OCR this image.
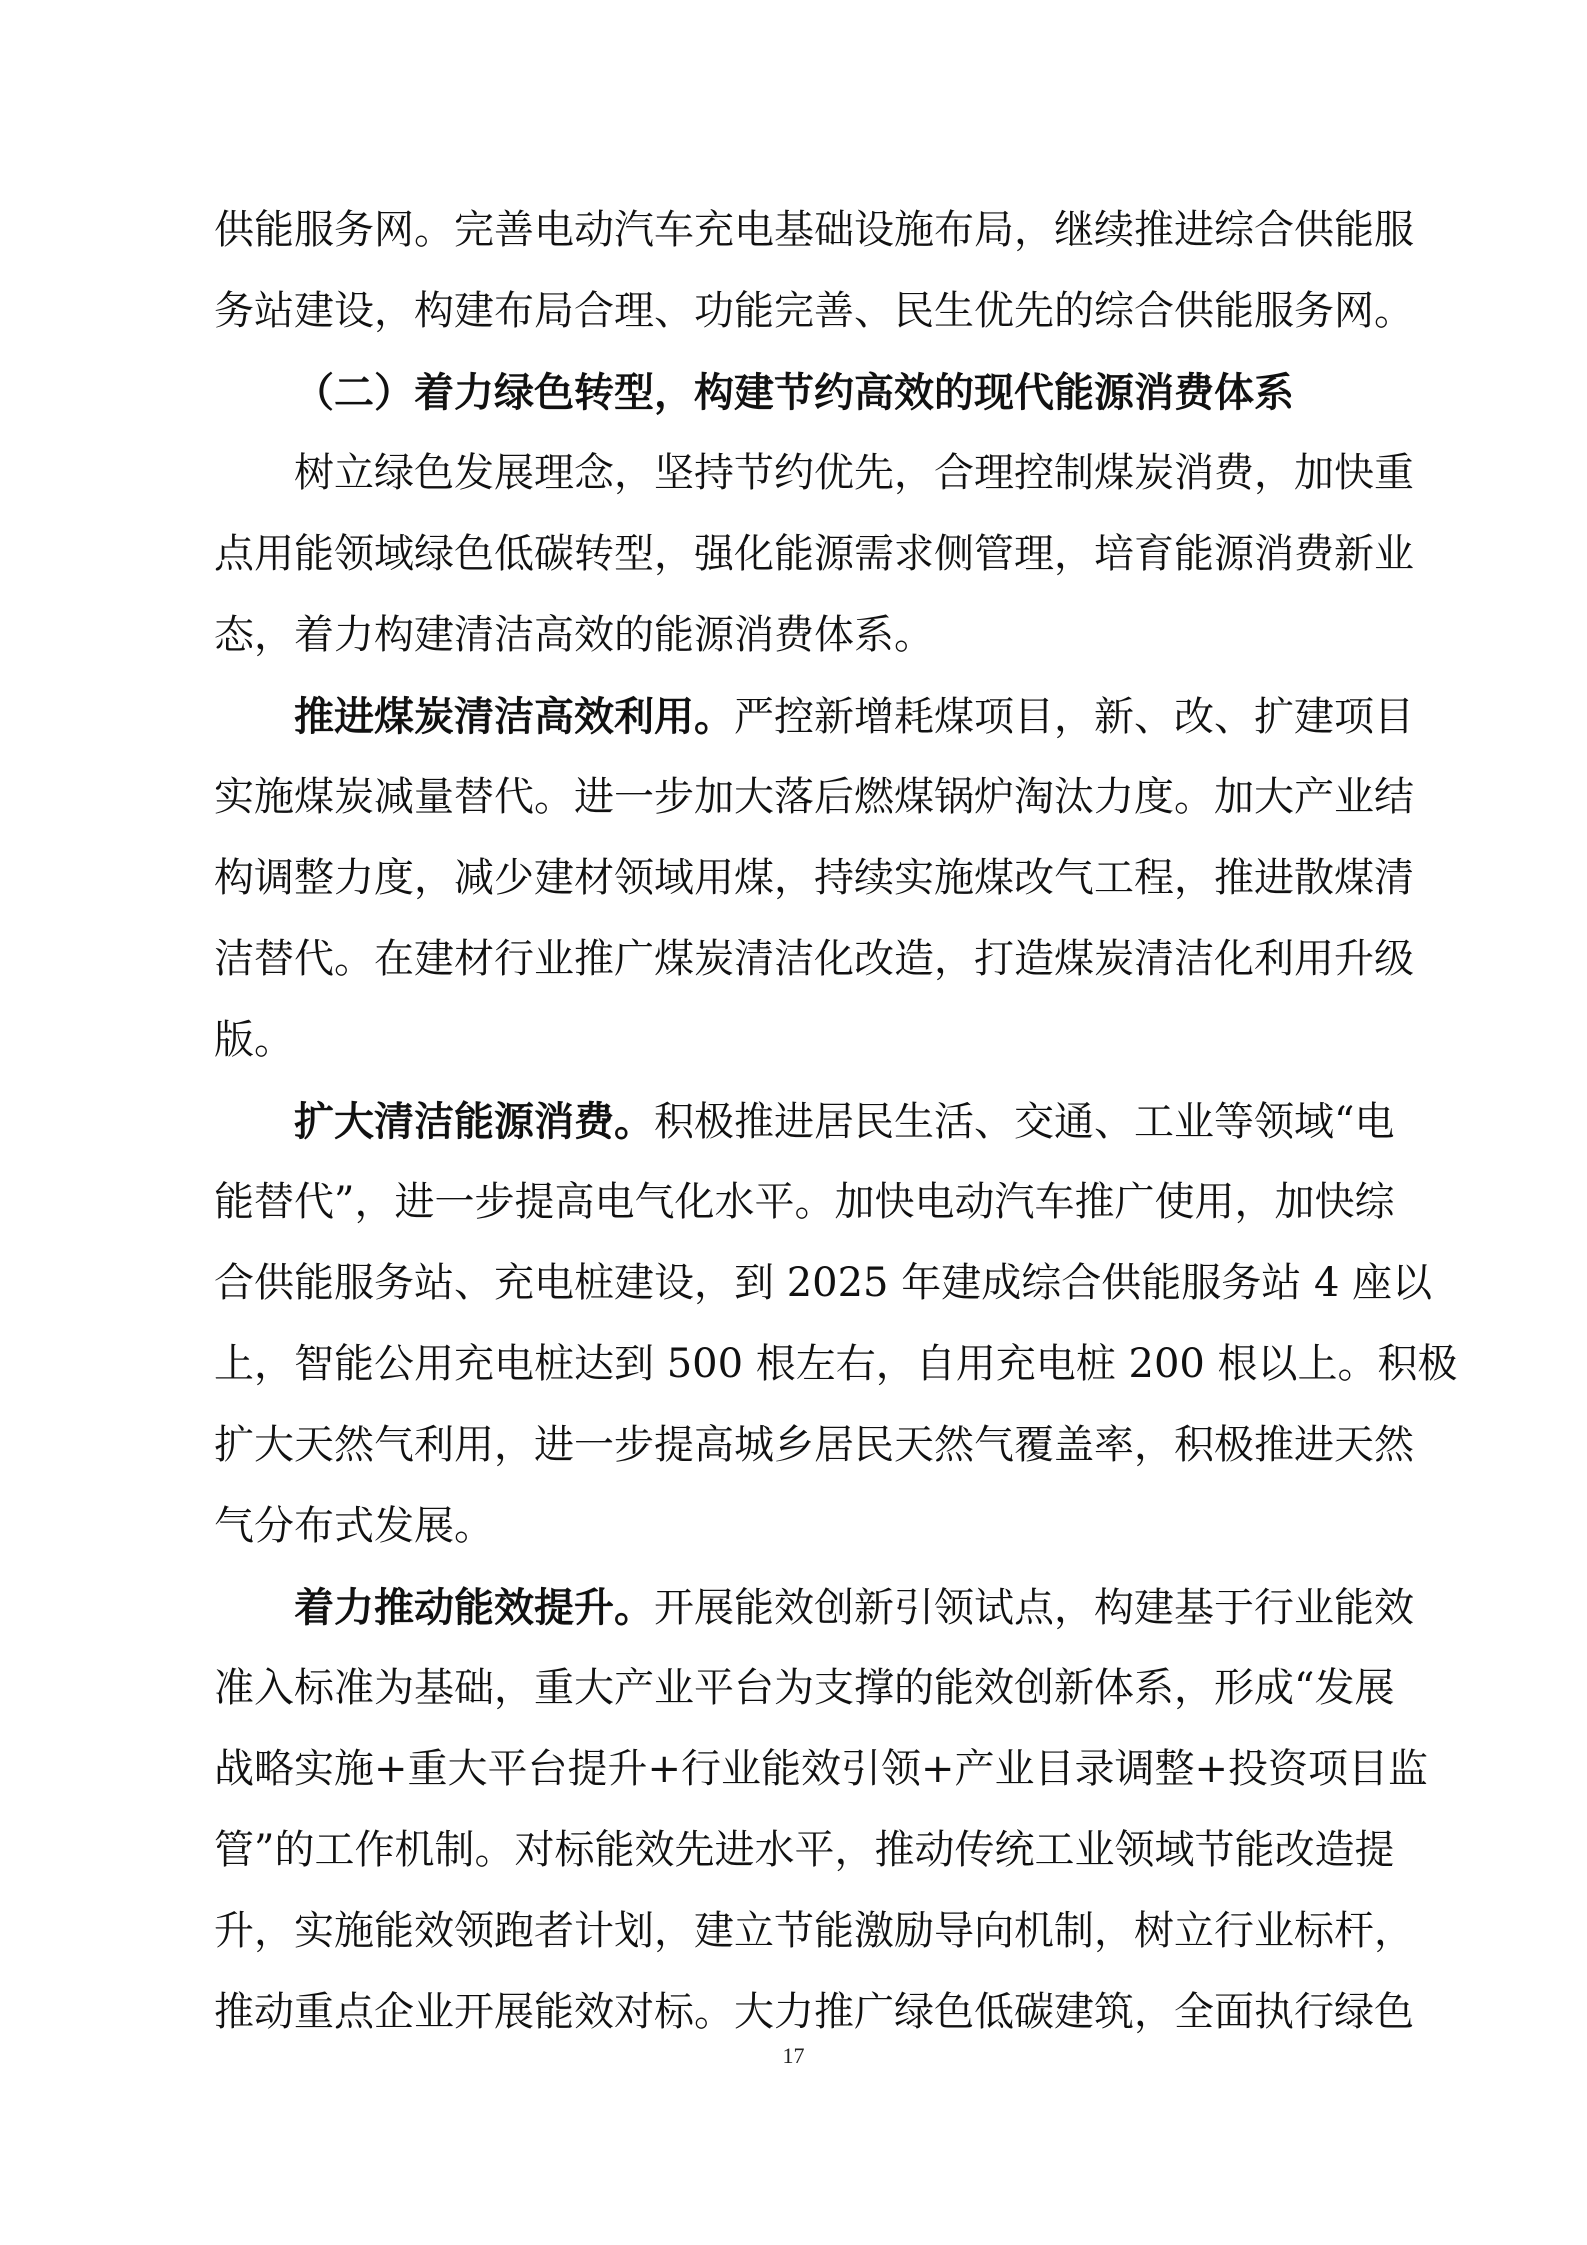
供能服务网。完善电动汽车充电基础设施布局，继续推进综合供能服
务站建设，构建布局合理、功能完善、民生优先的综合供能服务网。
（二）着力绿色转型，构建节约高效的现代能源消费体系
树立绿色发展理念，坚持节约优先，合理控制煤炭消费，加快重
点用能领域绿色低碳转型，强化能源需求侧管理，培育能源消费新业
态，着力构建清洁高效的能源消费体系。
推进煤炭清洁高效利用。严控新增耗煤项目，新、改、扩建项目
实施煤炭减量替代。进一步加大落后燃煤锅炉淘汰力度。加大产业结
构调整力度，减少建材领域用煤，持续实施煤改气工程，推进散煤清
洁替代。在建材行业推广煤炭清洁化改造，打造煤炭清洁化利用升级
版。
扩大清洁能源消费。积极推进居民生活、交通、工业等领域“电
能替代”，进一步提高电气化水平。加快电动汽车推广使用，加快综
合供能服务站、充电桩建设，到 2025 年建成综合供能服务站 4 座以
上，智能公用充电桩达到 500 根左右，自用充电桩 200 根以上。积极
扩大天然气利用，进一步提高城乡居民天然气覆盖率，积极推进天然
气分布式发展。
着力推动能效提升。开展能效创新引领试点，构建基于行业能效
准入标准为基础，重大产业平台为支撑的能效创新体系，形成“发展
战略实施+重大平台提升+行业能效引领+产业目录调整+投资项目监
管”的工作机制。对标能效先进水平，推动传统工业领域节能改造提
升，实施能效领跑者计划，建立节能激励导向机制，树立行业标杆，
推动重点企业开展能效对标。大力推广绿色低碳建筑，全面执行绿色
17
